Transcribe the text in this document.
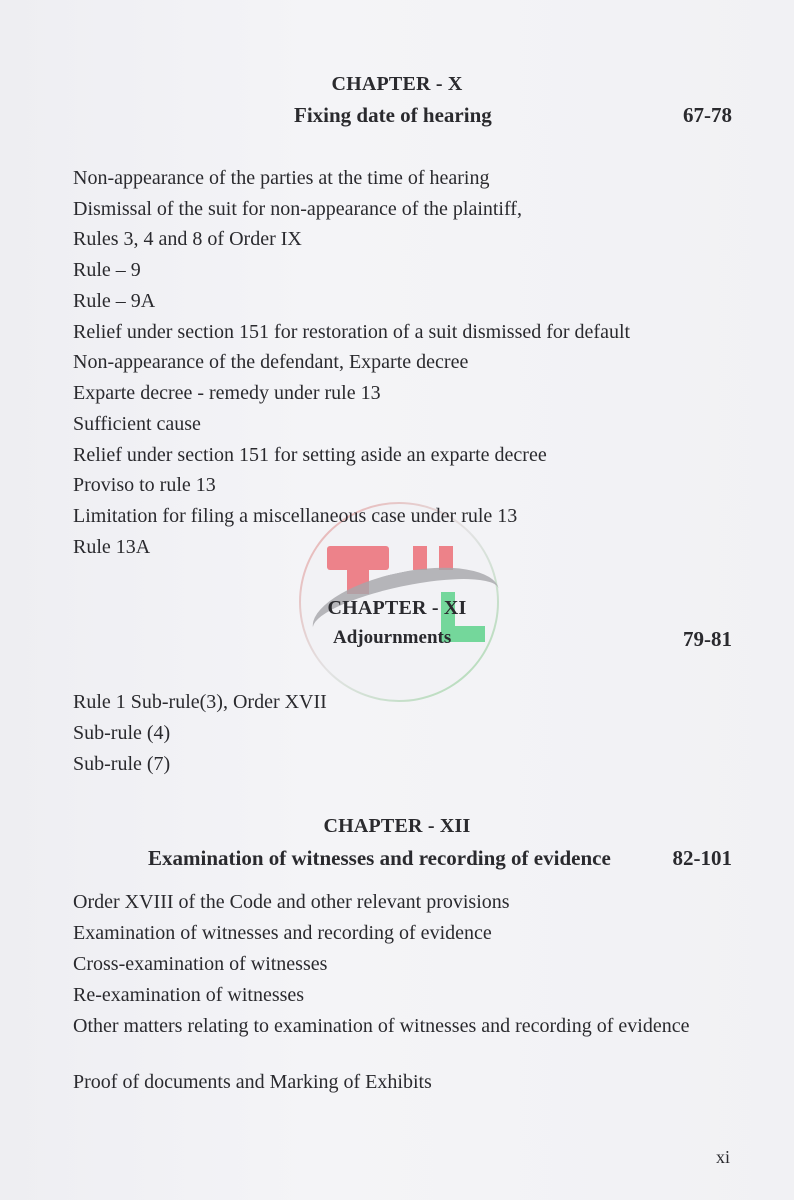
CHAPTER - X
Fixing date of hearing	67-78
Non-appearance of the parties at the time of hearing
Dismissal of the suit for non-appearance of the plaintiff,
Rules 3, 4 and 8 of Order IX
Rule – 9
Rule – 9A
Relief under section 151 for restoration of a suit dismissed for default
Non-appearance of the defendant, Exparte decree
Exparte decree - remedy under rule 13
Sufficient cause
Relief under section 151 for setting aside an exparte decree
Proviso to rule 13
Limitation for filing a miscellaneous case under rule 13
Rule 13A
CHAPTER - XI
Adjournments	79-81
Rule 1 Sub-rule(3), Order XVII
Sub-rule (4)
Sub-rule (7)
CHAPTER - XII
Examination of witnesses and recording of evidence	82-101
Order XVIII of the Code and other relevant provisions
Examination of witnesses and recording of evidence
Cross-examination of witnesses
Re-examination of witnesses
Other matters relating to examination of witnesses and recording of evidence
Proof of documents and Marking of Exhibits
xi
